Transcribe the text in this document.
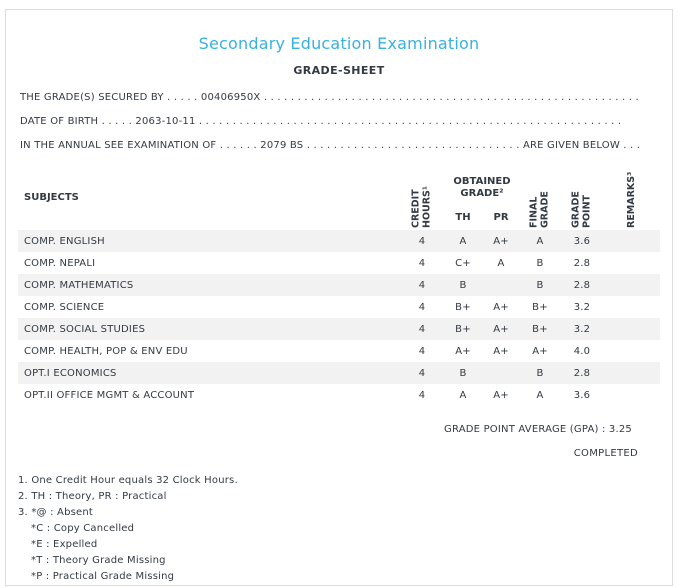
Secondary Education Examination
GRADE-SHEET
THE GRADE(S) SECURED BY . . . . . 00406950X . . . . . . . . . . . . . . . . . . . . . . . . . . . . . . . . . . . . . . . . . . . . . . . . . . . . . . . .
DATE OF BIRTH . . . . . 2063-10-11 . . . . . . . . . . . . . . . . . . . . . . . . . . . . . . . . . . . . . . . . . . . . . . . . . . . . . . . . . . . . . . .
IN THE ANNUAL SEE EXAMINATION OF . . . . . . 2079 BS . . . . . . . . . . . . . . . . . . . . . . . . . . . . . . . . ARE GIVEN BELOW . . .
SUBJECTS	CREDIT HOURS¹	OBTAINED GRADE²		FINAL GRADE	GRADE POINT	REMARKS³

		TH	PR			
COMP. ENGLISH	4	A	A+	A	3.6	
COMP. NEPALI	4	C+	A	B	2.8	
COMP. MATHEMATICS	4	B		B	2.8	
COMP. SCIENCE	4	B+	A+	B+	3.2	
COMP. SOCIAL STUDIES	4	B+	A+	B+	3.2	
COMP. HEALTH, POP & ENV EDU	4	A+	A+	A+	4.0	
OPT.I ECONOMICS	4	B		B	2.8	
OPT.II OFFICE MGMT & ACCOUNT	4	A	A+	A	3.6	
GRADE POINT AVERAGE (GPA) : 3.25
COMPLETED
1. One Credit Hour equals 32 Clock Hours.
2. TH : Theory, PR : Practical
3. *@ : Absent
*C : Copy Cancelled
*E : Expelled
*T : Theory Grade Missing
*P : Practical Grade Missing
